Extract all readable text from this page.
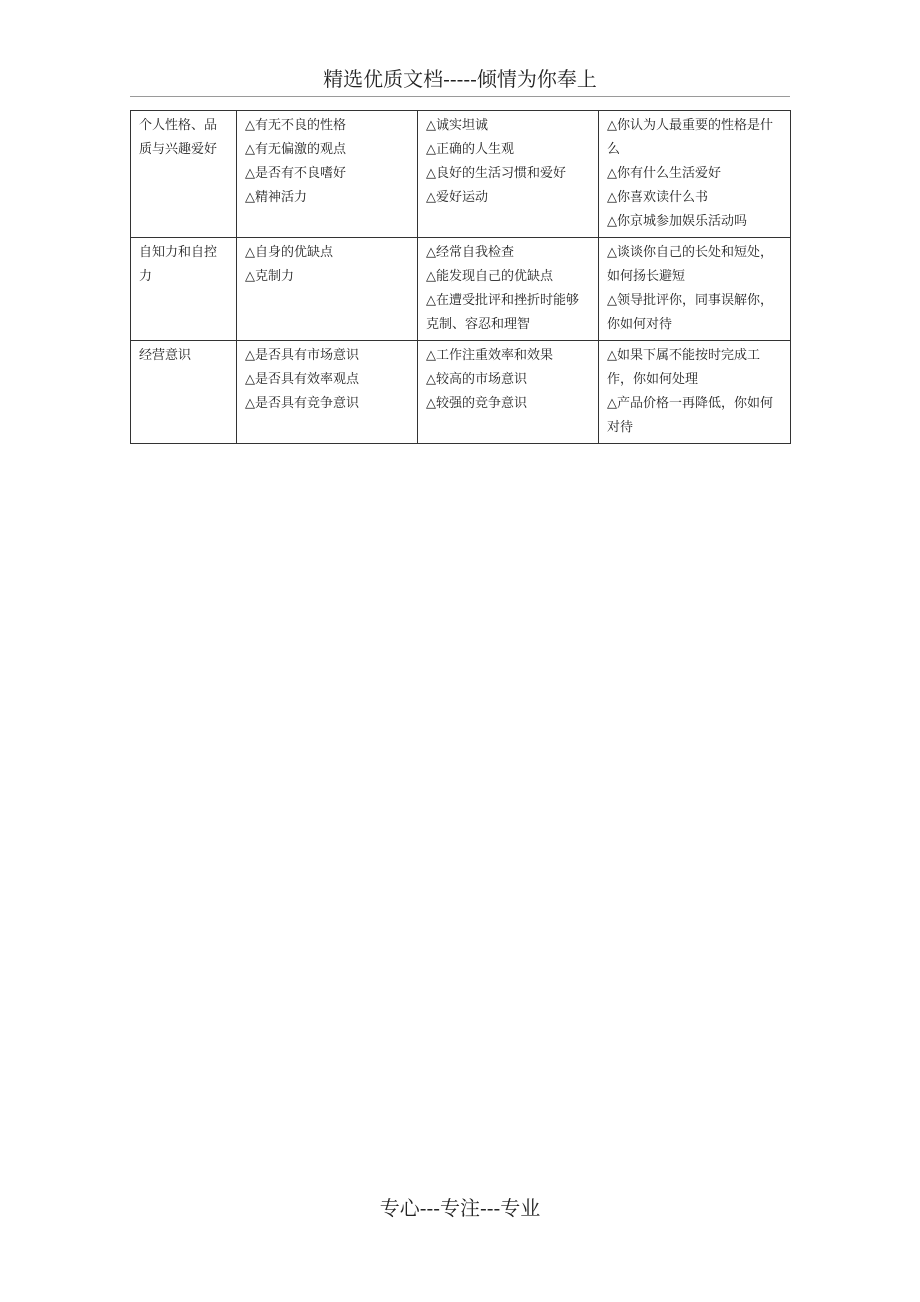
精选优质文档-----倾情为你奉上
个人性格、品质与兴趣爱好	△有无不良的性格
△有无偏激的观点
△是否有不良嗜好
△精神活力	△诚实坦诚
△正确的人生观
△良好的生活习惯和爱好
△爱好运动	△你认为人最重要的性格是什么
△你有什么生活爱好
△你喜欢读什么书
△你京城参加娱乐活动吗

自知力和自控力	△自身的优缺点
△克制力	△经常自我检查
△能发现自己的优缺点
△在遭受批评和挫折时能够克制、容忍和理智	△谈谈你自己的长处和短处，如何扬长避短
△领导批评你，同事误解你，你如何对待

经营意识	△是否具有市场意识
△是否具有效率观点
△是否具有竞争意识	△工作注重效率和效果
△较高的市场意识
△较强的竞争意识	△如果下属不能按时完成工作，你如何处理
△产品价格一再降低，你如何对待
专心---专注---专业
